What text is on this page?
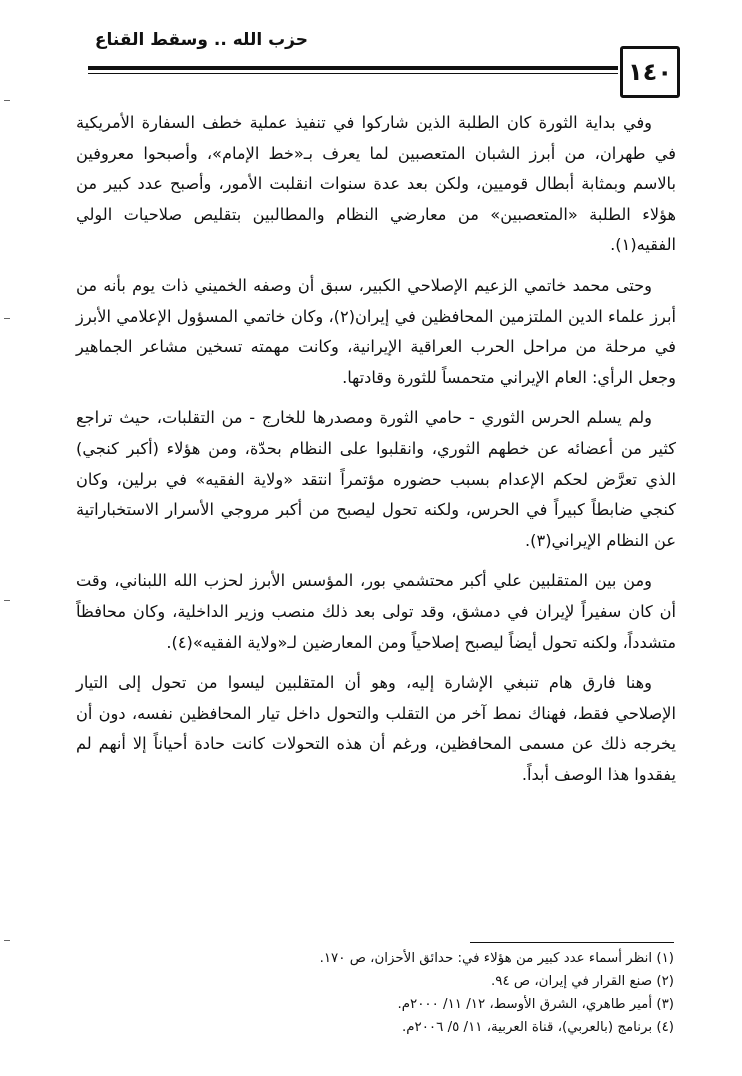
حزب الله .. وسقط القناع
١٤٠

وفي بداية الثورة كان الطلبة الذين شاركوا في تنفيذ عملية خطف السفارة الأمريكية في طهران، من أبرز الشبان المتعصبين لما يعرف بـ«خط الإمام»، وأصبحوا معروفين بالاسم وبمثابة أبطال قوميين، ولكن بعد عدة سنوات انقلبت الأمور، وأصبح عدد كبير من هؤلاء الطلبة «المتعصبين» من معارضي النظام والمطالبين بتقليص صلاحيات الولي الفقيه(١).

وحتى محمد خاتمي الزعيم الإصلاحي الكبير، سبق أن وصفه الخميني ذات يوم بأنه من أبرز علماء الدين الملتزمين المحافظين في إيران(٢)، وكان خاتمي المسؤول الإعلامي الأبرز في مرحلة من مراحل الحرب العراقية الإيرانية، وكانت مهمته تسخين مشاعر الجماهير وجعل الرأي: العام الإيراني متحمساً للثورة وقادتها.

ولم يسلم الحرس الثوري - حامي الثورة ومصدرها للخارج - من التقلبات، حيث تراجع كثير من أعضائه عن خطهم الثوري، وانقلبوا على النظام بحدّة، ومن هؤلاء (أكبر كنجي) الذي تعرَّض لحكم الإعدام بسبب حضوره مؤتمراً انتقد «ولاية الفقيه» في برلين، وكان كنجي ضابطاً كبيراً في الحرس، ولكنه تحول ليصبح من أكبر مروجي الأسرار الاستخباراتية عن النظام الإيراني(٣).

ومن بين المتقلبين علي أكبر محتشمي بور، المؤسس الأبرز لحزب الله اللبناني، وقت أن كان سفيراً لإيران في دمشق، وقد تولى بعد ذلك منصب وزير الداخلية، وكان محافظاً متشدداً، ولكنه تحول أيضاً ليصبح إصلاحياً ومن المعارضين لـ«ولاية الفقيه»(٤).

وهنا فارق هام تنبغي الإشارة إليه، وهو أن المتقلبين ليسوا من تحول إلى التيار الإصلاحي فقط، فهناك نمط آخر من التقلب والتحول داخل تيار المحافظين نفسه، دون أن يخرجه ذلك عن مسمى المحافظين، ورغم أن هذه التحولات كانت حادة أحياناً إلا أنهم لم يفقدوا هذا الوصف أبداً.

(١) انظر أسماء عدد كبير من هؤلاء في: حدائق الأحزان، ص ١٧٠.

(٢) صنع القرار في إيران، ص ٩٤.

(٣) أمير طاهري، الشرق الأوسط، ١٢/ ١١/ ٢٠٠٠م.

(٤) برنامج (بالعربي)، قناة العربية، ١١/ ٥/ ٢٠٠٦م.
